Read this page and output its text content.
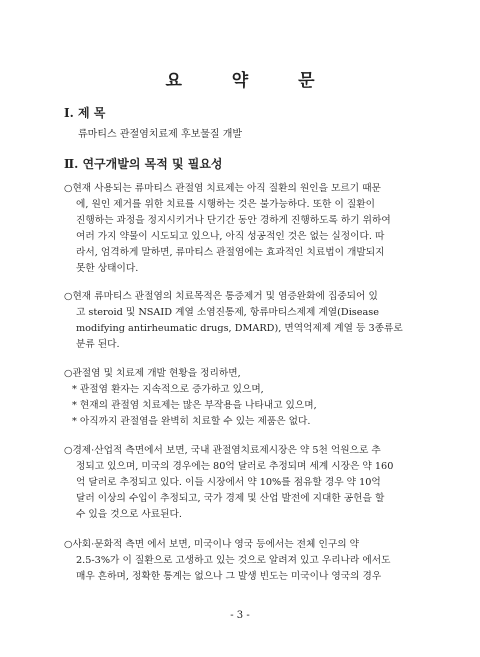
요 약 문
Ⅰ. 제 목
류마티스 관절염치료제 후보물질 개발
Ⅱ. 연구개발의 목적 및 필요성
○현재 사용되는 류마티스 관절염 치료제는 아직 질환의 원인을 모르기 때문
에, 원인 제거를 위한 치료를 시행하는 것은 불가능하다. 또한 이 질환이
진행하는 과정을 정지시키거나 단기간 동안 경하게 진행하도록 하기 위하여
여러 가지 약물이 시도되고 있으나, 아직 성공적인 것은 없는 실정이다. 따
라서, 엄격하게 말하면, 류마티스 관절염에는 효과적인 치료법이 개발되지
못한 상태이다.
○현재 류마티스 관절염의 치료목적은 통증제거 및 염증완화에 집중되어 있
고 steroid 및 NSAID 계열 소염진통제, 항류마티스제제 계열(Disease
modifying antirheumatic drugs, DMARD), 면역억제제 계열 등 3종류로
분류 된다.
○관절염 및 치료제 개발 현황을 정리하면,
* 관절염 환자는 지속적으로 증가하고 있으며,
* 현재의 관절염 치료제는 많은 부작용을 나타내고 있으며,
* 아직까지 관절염을 완벽히 치료할 수 있는 제품은 없다.
○경제·산업적 측면에서 보면, 국내 관절염치료제시장은 약 5천 억원으로 추
정되고 있으며, 미국의 경우에는 80억 달러로 추정되며 세계 시장은 약 160
억 달러로 추정되고 있다. 이들 시장에서 약 10%를 점유할 경우 약 10억
달러 이상의 수입이 추정되고, 국가 경제 및 산업 발전에 지대한 공헌을 할
수 있을 것으로 사료된다.
○사회·문화적 측면 에서 보면, 미국이나 영국 등에서는 전체 인구의 약
2.5-3%가 이 질환으로 고생하고 있는 것으로 알려져 있고 우리나라 에서도
매우 흔하며, 정확한 통계는 없으나 그 발생 빈도는 미국이나 영국의 경우
- 3 -
